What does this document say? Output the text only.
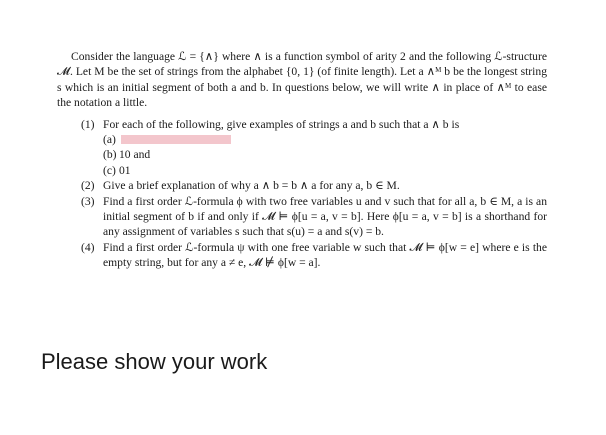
Consider the language ℒ = {∧} where ∧ is a function symbol of arity 2 and the following ℒ-structure 𝓜. Let M be the set of strings from the alphabet {0, 1} (of finite length). Let a ∧ᴹ b be the longest string s which is an initial segment of both a and b. In questions below, we will write ∧ in place of ∧ᴹ to ease the notation a little.

(1) For each of the following, give examples of strings a and b such that a ∧ b is
(a)
(b) 10 and
(c) 01
(2) Give a brief explanation of why a ∧ b = b ∧ a for any a, b ∈ M.
(3) Find a first order ℒ-formula ϕ with two free variables u and v such that for all a, b ∈ M, a is an initial segment of b if and only if 𝓜 ⊨ ϕ[u = a, v = b]. Here ϕ[u = a, v = b] is a shorthand for any assignment of variables s such that s(u) = a and s(v) = b.
(4) Find a first order ℒ-formula ψ with one free variable w such that 𝓜 ⊨ ϕ[w = e] where e is the empty string, but for any a ≠ e, 𝓜 ⊭ ϕ[w = a].
Please show your work
